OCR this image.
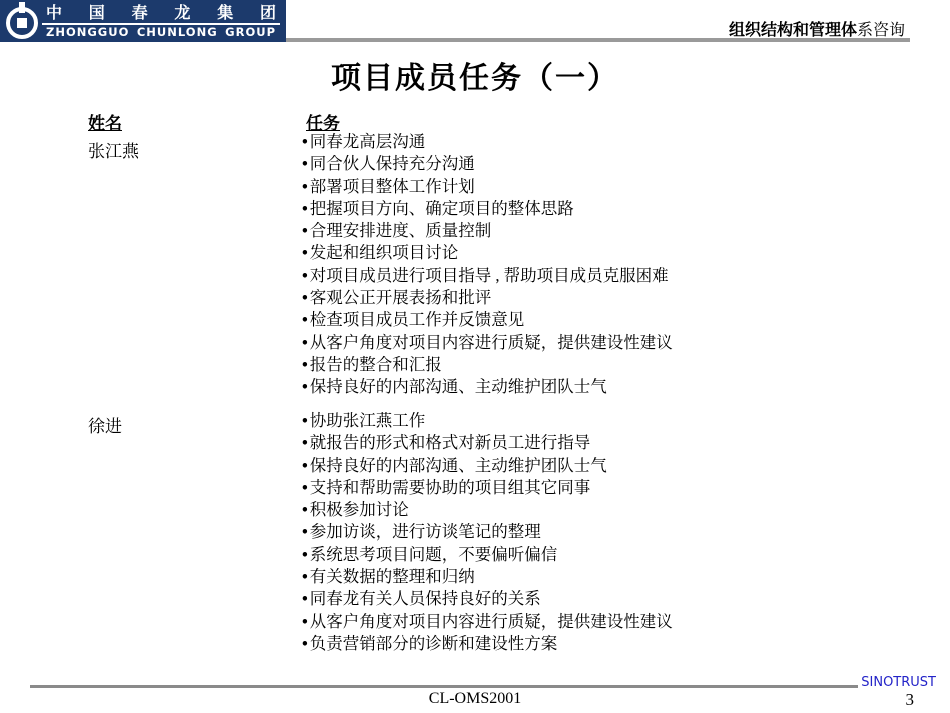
中 国 春 龙 集 团
ZHONGGUO CHUNLONG GROUP	组织结构和管理体系咨询
项目成员任务（一）
姓名	任务
张江燕
• 同春龙高层沟通
• 同合伙人保持充分沟通
• 部署项目整体工作计划
• 把握项目方向、确定项目的整体思路
• 合理安排进度、质量控制
• 发起和组织项目讨论
• 对项目成员进行项目指导 , 帮助项目成员克服困难
• 客观公正开展表扬和批评
• 检查项目成员工作并反馈意见
• 从客户角度对项目内容进行质疑，提供建设性建议
• 报告的整合和汇报
• 保持良好的内部沟通、主动维护团队士气
徐进	• 协助张江燕工作
• 就报告的形式和格式对新员工进行指导
• 保持良好的内部沟通、主动维护团队士气
• 支持和帮助需要协助的项目组其它同事
• 积极参加讨论
• 参加访谈，进行访谈笔记的整理
• 系统思考项目问题，不要偏听偏信
• 有关数据的整理和归纳
• 同春龙有关人员保持良好的关系
• 从客户角度对项目内容进行质疑，提供建设性建议
• 负责营销部分的诊断和建设性方案
SINOTRUST
CL-OMS2001	3
